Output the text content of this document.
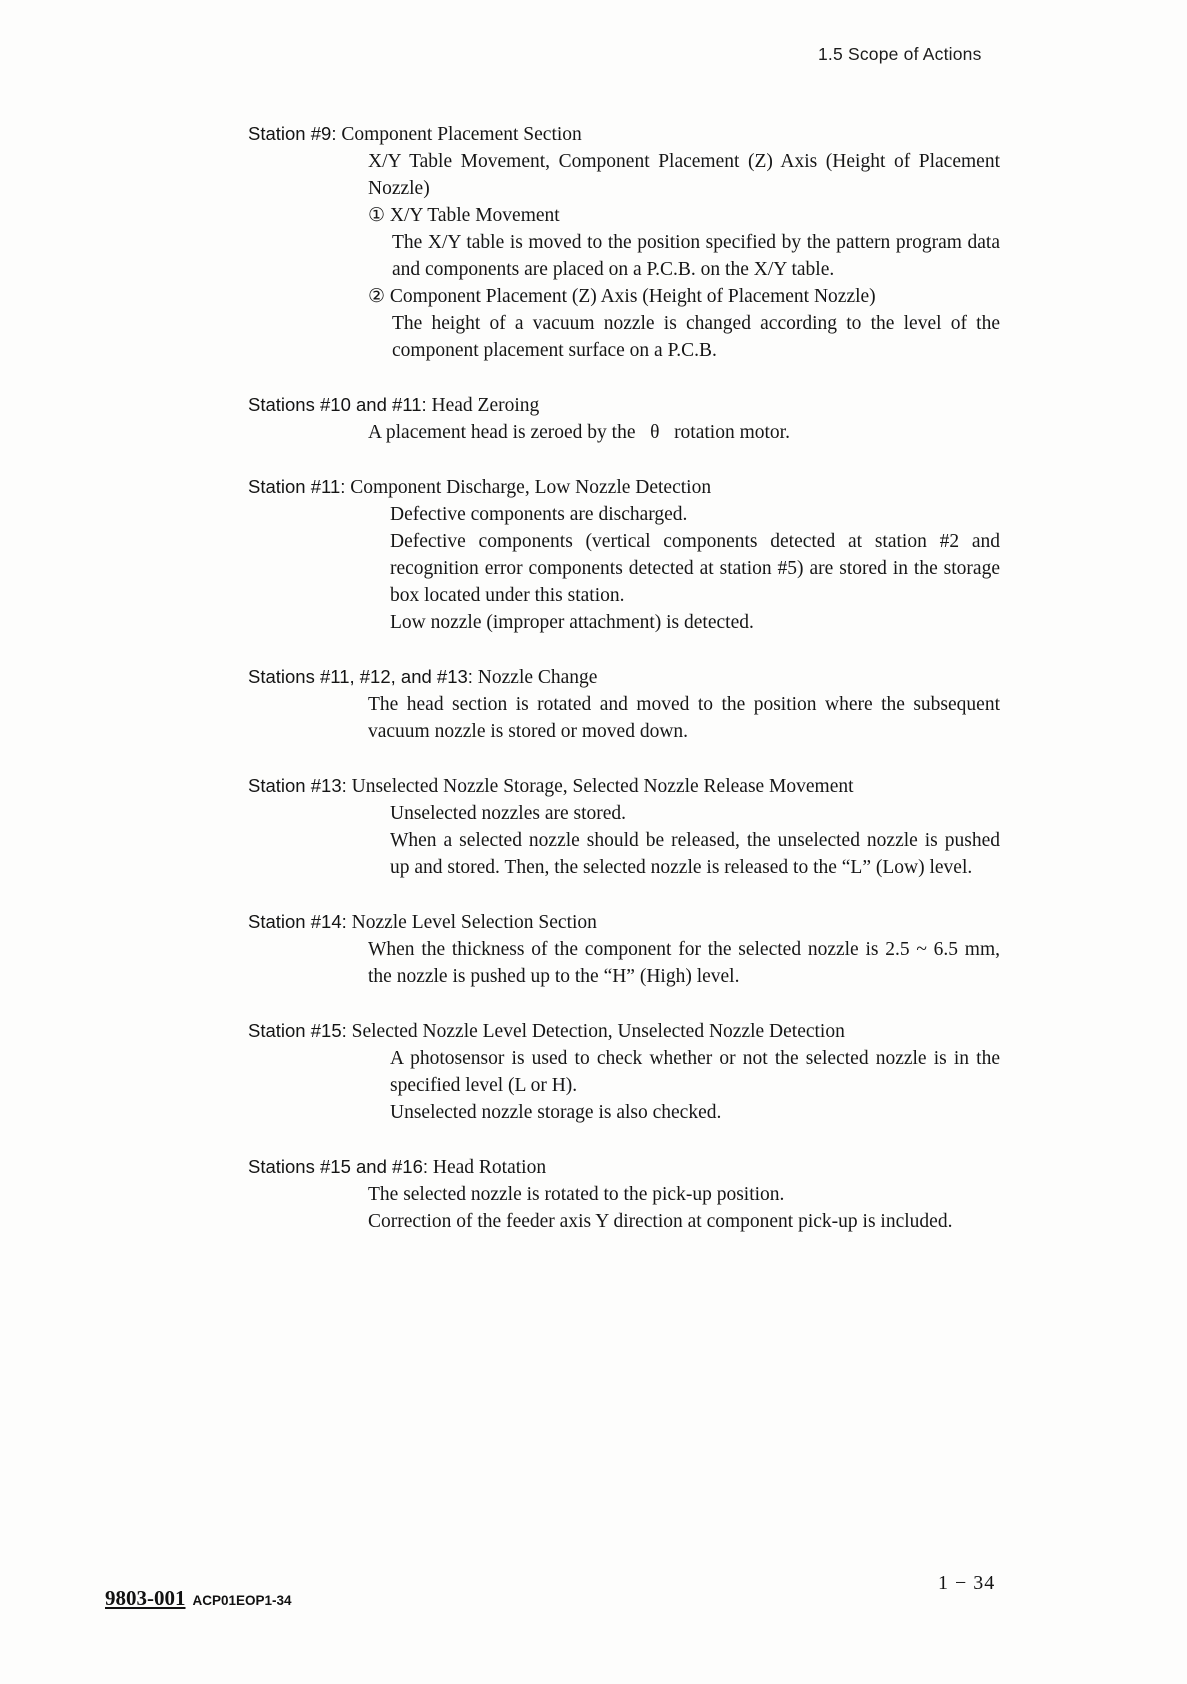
1.5 Scope of Actions
Station #9: Component Placement Section

X/Y Table Movement, Component Placement (Z) Axis (Height of Placement Nozzle)

① X/Y Table Movement

The X/Y table is moved to the position specified by the pattern program data and components are placed on a P.C.B. on the X/Y table.

② Component Placement (Z) Axis (Height of Placement Nozzle)

The height of a vacuum nozzle is changed according to the level of the component placement surface on a P.C.B.

Stations #10 and #11: Head Zeroing

A placement head is zeroed by the  θ  rotation motor.

Station #11: Component Discharge, Low Nozzle Detection

Defective components are discharged.

Defective components (vertical components detected at station #2 and recognition error components detected at station #5) are stored in the storage box located under this station.

Low nozzle (improper attachment) is detected.

Stations #11, #12, and #13: Nozzle Change

The head section is rotated and moved to the position where the subsequent vacuum nozzle is stored or moved down.

Station #13: Unselected Nozzle Storage, Selected Nozzle Release Movement

Unselected nozzles are stored.

When a selected nozzle should be released, the unselected nozzle is pushed up and stored. Then, the selected nozzle is released to the “L” (Low) level.

Station #14: Nozzle Level Selection Section

When the thickness of the component for the selected nozzle is 2.5 ~ 6.5 mm, the nozzle is pushed up to the “H” (High) level.

Station #15: Selected Nozzle Level Detection, Unselected Nozzle Detection

A photosensor is used to check whether or not the selected nozzle is in the specified level (L or H).

Unselected nozzle storage is also checked.

Stations #15 and #16: Head Rotation

The selected nozzle is rotated to the pick-up position.

Correction of the feeder axis Y direction at component pick-up is included.

9803-001 ACP01EOP1-34
1 − 34
